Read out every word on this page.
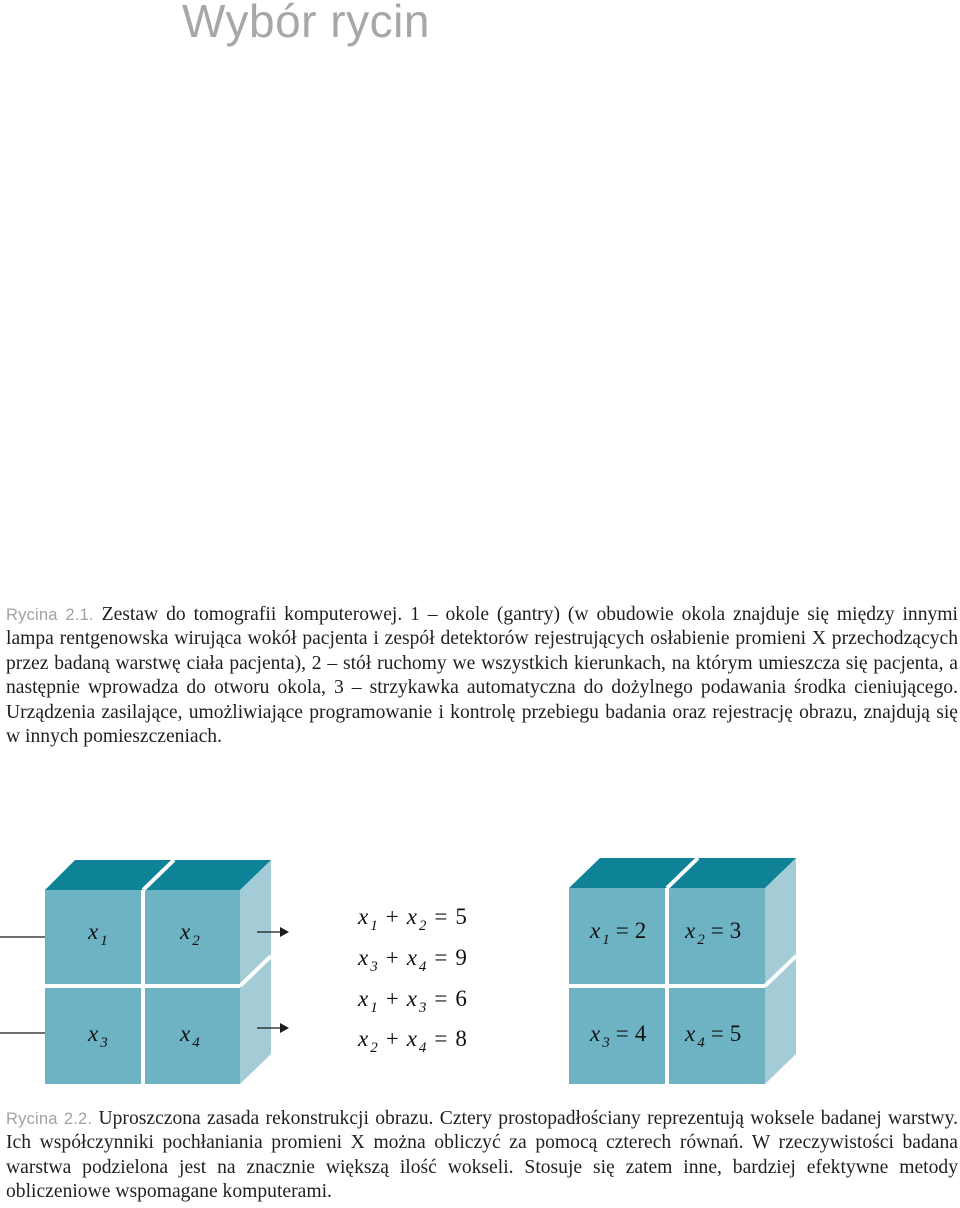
Wybór rycin

Rycina 2.1. Zestaw do tomografii komputerowej. 1 – okole (gantry) (w obudowie okola znajduje się między innymi lampa rentgenowska wirująca wokół pacjenta i zespół detektorów rejestrujących osłabienie promieni X przechodzących przez badaną warstwę ciała pacjenta), 2 – stół ruchomy we wszystkich kierunkach, na którym umieszcza się pacjenta, a następnie wprowadza do otworu okola, 3 – strzykawka automatyczna do dożylnego podawania środka cieniującego. Urządzenia zasilające, umożliwiające programowanie i kontrolę przebiegu badania oraz rejestrację obrazu, znajdują się w innych pomieszczeniach.

x 1	x 2
x 3	x 4
x 1 + x 2 = 5
x 3 + x 4 = 9
x 1 + x 3 = 6
x 2 + x 4 = 8
x 1 = 2 x 2 = 3
x 3 = 4 x 4 = 5

Rycina 2.2. Uproszczona zasada rekonstrukcji obrazu. Cztery prostopadłościany reprezentują woksele badanej warstwy. Ich współczynniki pochłaniania promieni X można obliczyć za pomocą czterech równań. W rzeczywistości badana warstwa podzielona jest na znacznie większą ilość wokseli. Stosuje się zatem inne, bardziej efektywne metody obliczeniowe wspomagane komputerami.
